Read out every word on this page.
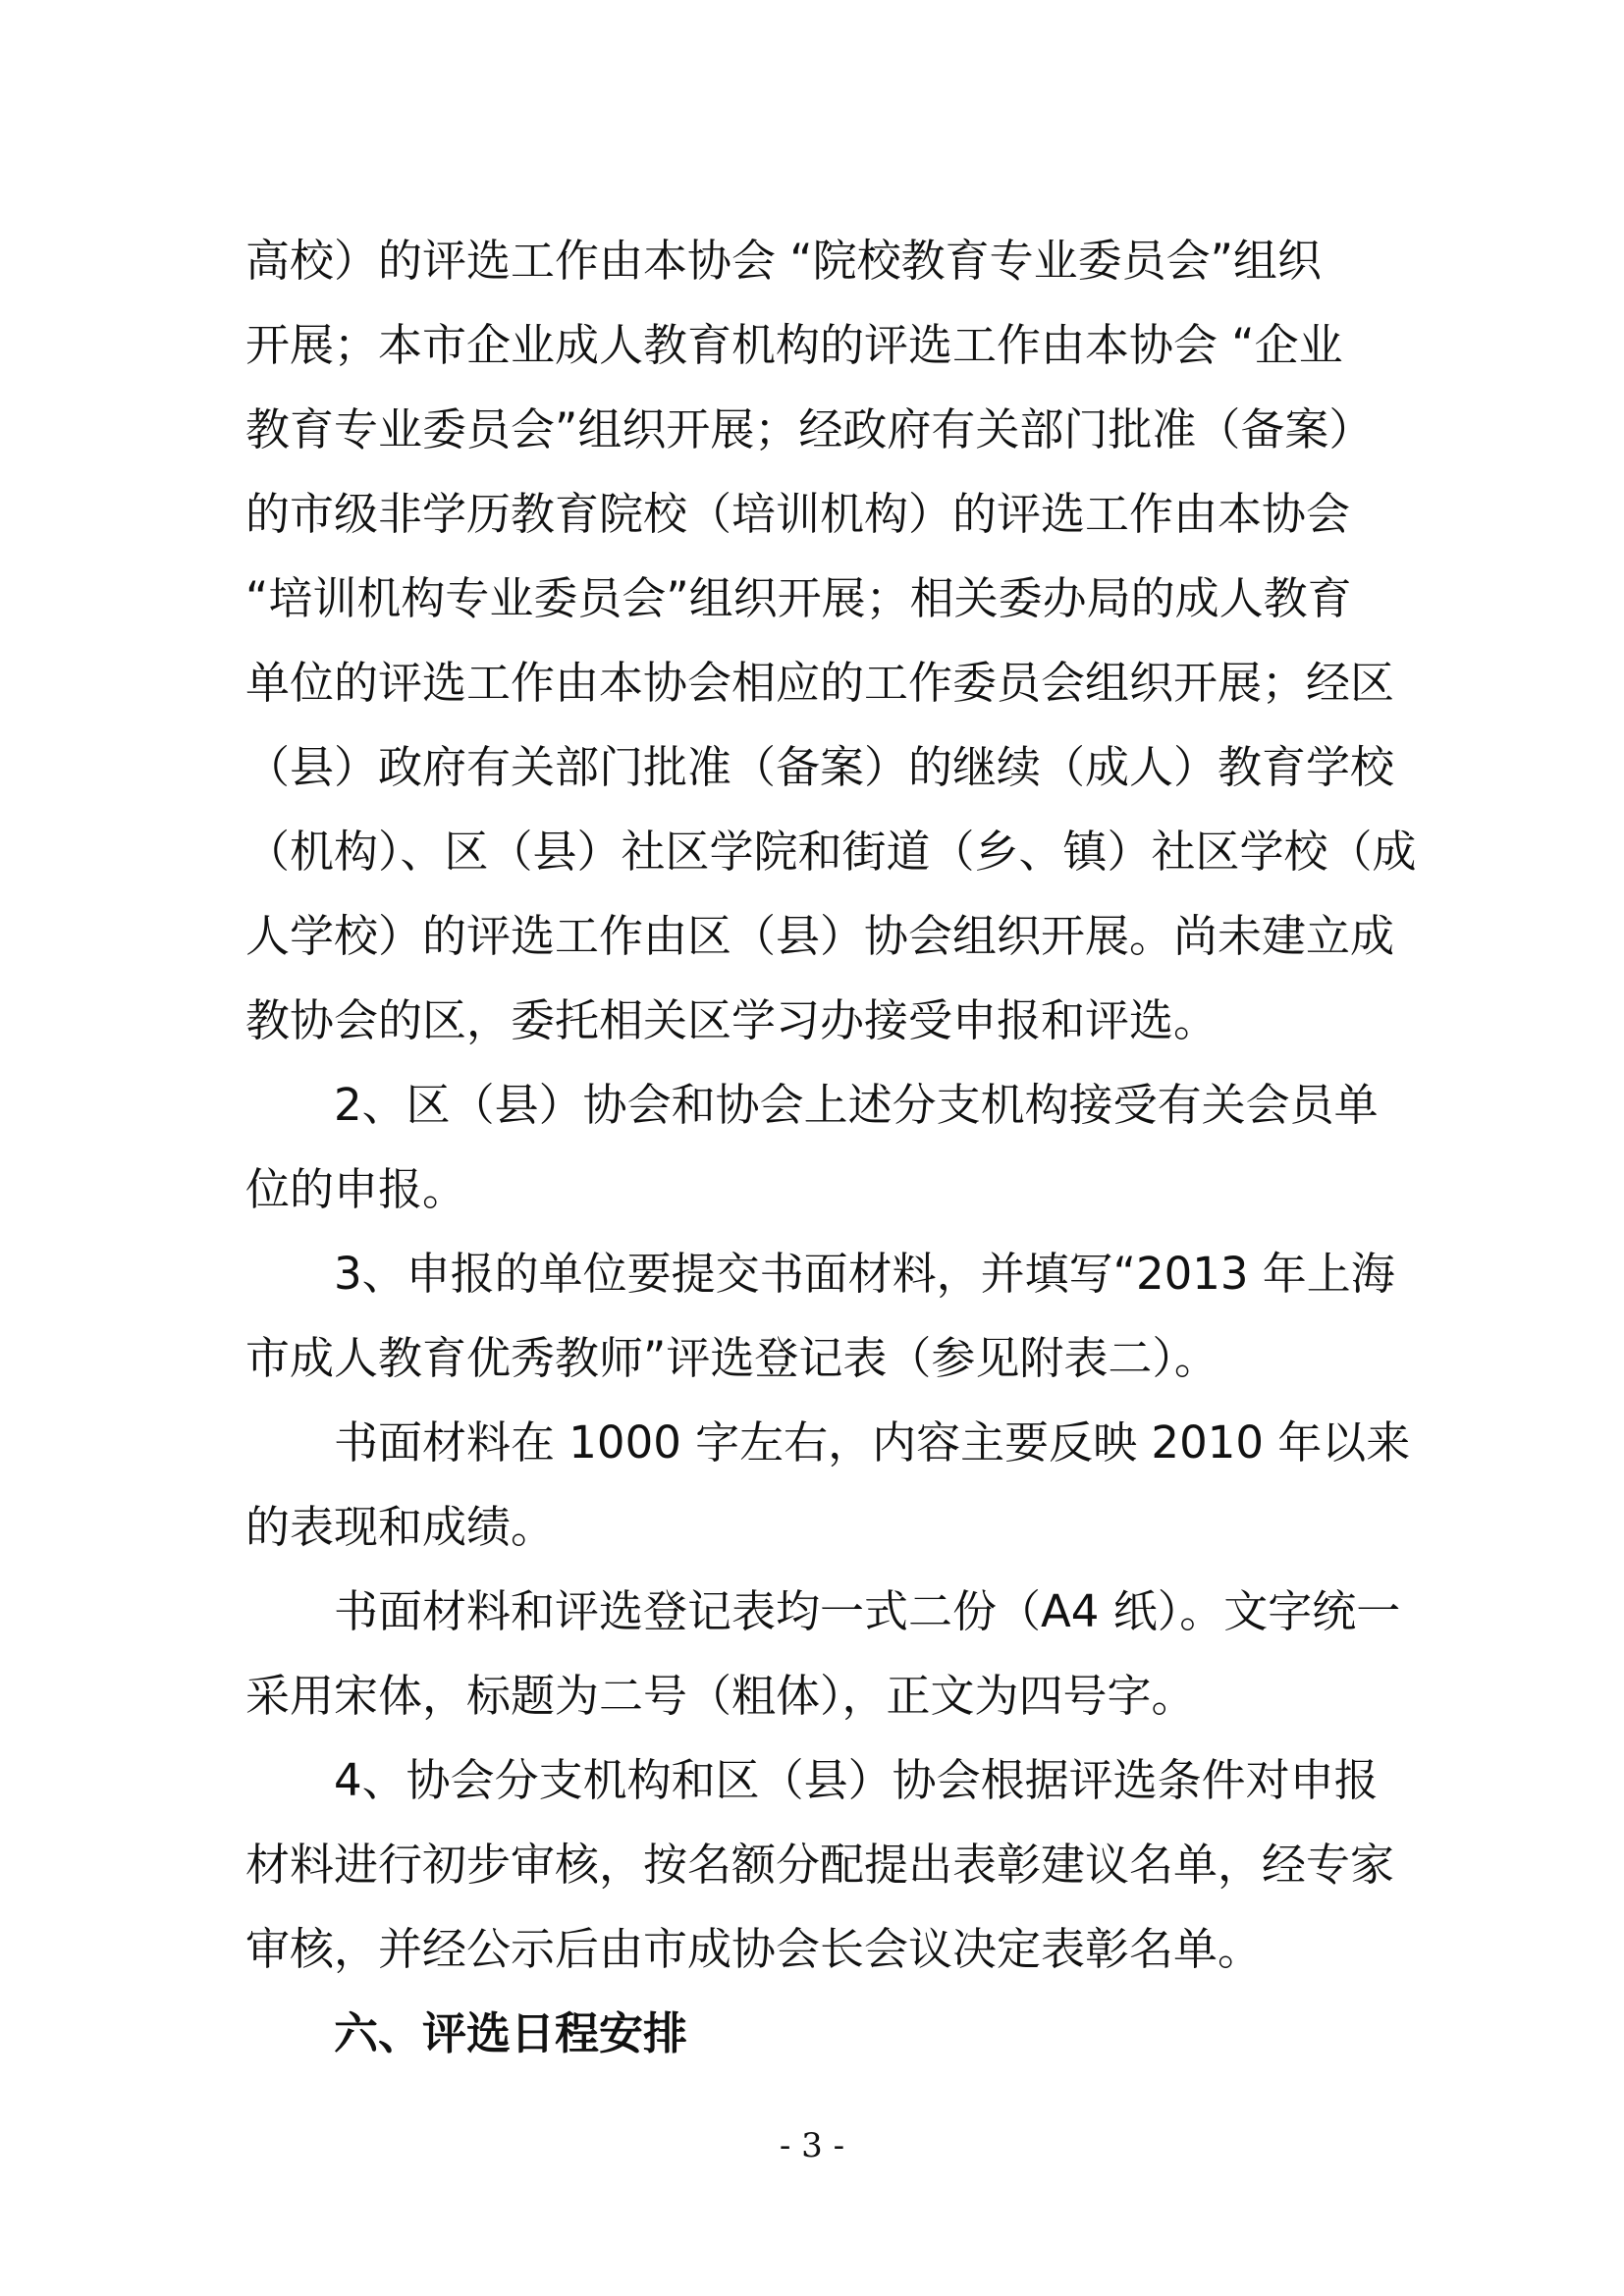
高校）的评选工作由本协会 “院校教育专业委员会”组织
开展；本市企业成人教育机构的评选工作由本协会 “企业
教育专业委员会”组织开展；经政府有关部门批准（备案）
的市级非学历教育院校（培训机构）的评选工作由本协会
“培训机构专业委员会”组织开展；相关委办局的成人教育
单位的评选工作由本协会相应的工作委员会组织开展；经区
（县）政府有关部门批准（备案）的继续（成人）教育学校
（机构）、区（县）社区学院和街道（乡、镇）社区学校（成
人学校）的评选工作由区（县）协会组织开展。尚未建立成
教协会的区，委托相关区学习办接受申报和评选。
2、区（县）协会和协会上述分支机构接受有关会员单
位的申报。
3、申报的单位要提交书面材料，并填写“2013 年上海
市成人教育优秀教师”评选登记表（参见附表二）。
书面材料在 1000 字左右，内容主要反映 2010 年以来
的表现和成绩。
书面材料和评选登记表均一式二份（A4 纸）。文字统一
采用宋体，标题为二号（粗体），正文为四号字。
4、协会分支机构和区（县）协会根据评选条件对申报
材料进行初步审核，按名额分配提出表彰建议名单，经专家
审核，并经公示后由市成协会长会议决定表彰名单。
六、评选日程安排
- 3 -
